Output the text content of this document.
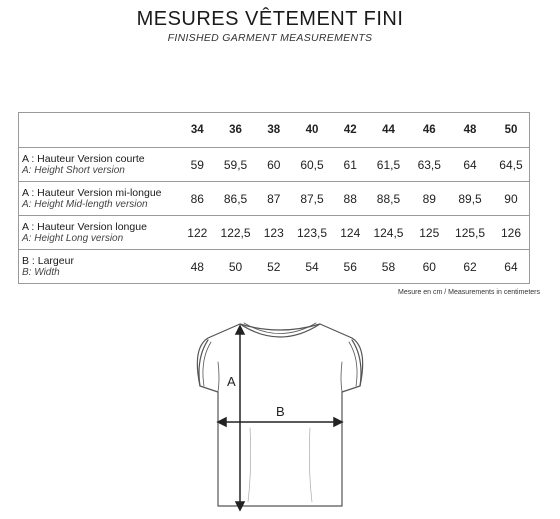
MESURES VÊTEMENT FINI
FINISHED GARMENT MEASUREMENTS
	34	36	38	40	42	44	46	48	50

A : Hauteur Version courte
A: Height Short version	59	59,5	60	60,5	61	61,5	63,5	64	64,5

A : Hauteur Version mi-longue
A: Height Mid-length version	86	86,5	87	87,5	88	88,5	89	89,5	90

A : Hauteur Version longue
A: Height Long version	122	122,5	123	123,5	124	124,5	125	125,5	126

B : Largeur
B: Width	48	50	52	54	56	58	60	62	64
Mesure en cm / Measurements in centimeters
A
B
